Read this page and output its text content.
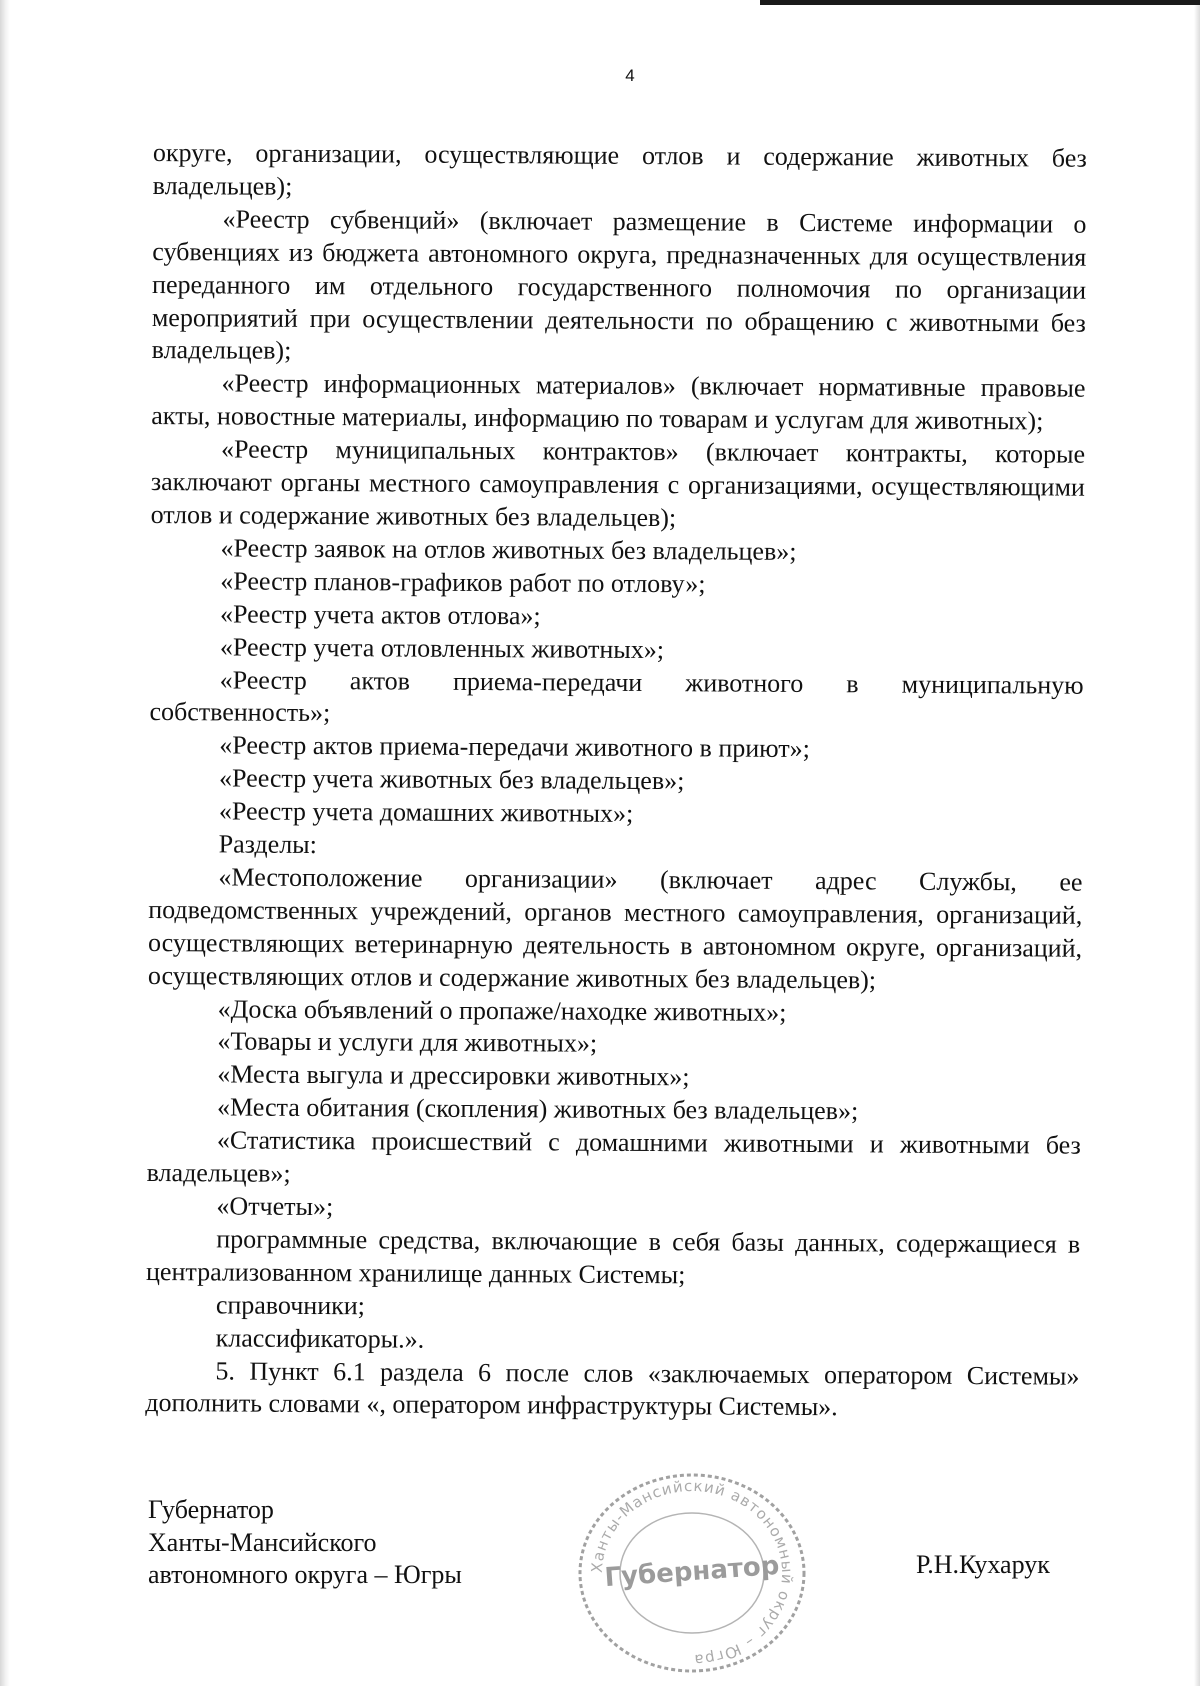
4

округе, организации, осуществляющие отлов и содержание животных без владельцев);

«Реестр субвенций» (включает размещение в Системе информации о субвенциях из бюджета автономного округа, предназначенных для осуществления переданного им отдельного государственного полномочия по организации мероприятий при осуществлении деятельности по обращению с животными без владельцев);

«Реестр информационных материалов» (включает нормативные правовые акты, новостные материалы, информацию по товарам и услугам для животных);

«Реестр муниципальных контрактов» (включает контракты, которые заключают органы местного самоуправления с организациями, осуществляющими отлов и содержание животных без владельцев);

«Реестр заявок на отлов животных без владельцев»;

«Реестр планов-графиков работ по отлову»;

«Реестр учета актов отлова»;

«Реестр учета отловленных животных»;

«Реестр актов приема-передачи животного в муниципальную собственность»;

«Реестр актов приема-передачи животного в приют»;

«Реестр учета животных без владельцев»;

«Реестр учета домашних животных»;

Разделы:

«Местоположение организации» (включает адрес Службы, ее подведомственных учреждений, органов местного самоуправления, организаций, осуществляющих ветеринарную деятельность в автономном округе, организаций, осуществляющих отлов и содержание животных без владельцев);

«Доска объявлений о пропаже/находке животных»;

«Товары и услуги для животных»;

«Места выгула и дрессировки животных»;

«Места обитания (скопления) животных без владельцев»;

«Статистика происшествий с домашними животными и животными без владельцев»;

«Отчеты»;

программные средства, включающие в себя базы данных, содержащиеся в централизованном хранилище данных Системы;

справочники;

классификаторы.».

5. Пункт 6.1 раздела 6 после слов «заключаемых оператором Системы» дополнить словами «, оператором инфраструктуры Системы».

Губернатор
Ханты-Мансийского
автономного округа – Югры	Ханты-Мансийский автономный округ – Югра
Губернатор	Р.Н.Кухарук
